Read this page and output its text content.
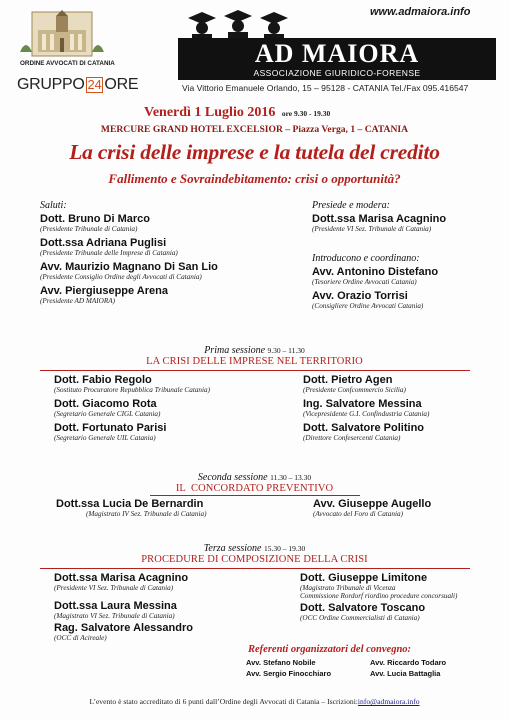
ORDINE AVVOCATI DI CATANIA
GRUPPO 24 ORE
www.admaiora.info
AD MAIORA
ASSOCIAZIONE GIURIDICO-FORENSE
Via Vittorio Emanuele Orlando, 15 – 95128 - CATANIA Tel./Fax 095.416547
Venerdì 1 Luglio 2016 ore 9.30 - 19.30
MERCURE GRAND HOTEL EXCELSIOR – Piazza Verga, 1 – CATANIA
La crisi delle imprese e la tutela del credito
Fallimento e Sovraindebitamento: crisi o opportunità?
Saluti:
Dott. Bruno Di Marco
(Presidente Tribunale di Catania)
Dott.ssa Adriana Puglisi
(Presidente Tribunale delle Imprese di Catania)
Avv. Maurizio Magnano Di San Lio
(Presidente Consiglio Ordine degli Avvocati di Catania)
Avv. Piergiuseppe Arena
(Presidente AD MAIORA)
Presiede e modera:
Dott.ssa Marisa Acagnino
(Presidente VI Sez. Tribunale di Catania)
Introducono e coordinano:
Avv. Antonino Distefano
(Tesoriere Ordine Avvocati Catania)
Avv. Orazio Torrisi
(Consigliere Ordine Avvocati Catania)
Prima sessione 9.30 – 11.30
LA CRISI DELLE IMPRESE NEL TERRITORIO
Dott. Fabio Regolo
(Sostituto Procuratore Repubblica Tribunale Catania)
Dott. Giacomo Rota
(Segretario Generale CIGL Catania)
Dott. Fortunato Parisi
(Segretario Generale UIL Catania)
Dott. Pietro Agen
(Presidente Confcommercio Sicilia)
Ing. Salvatore Messina
(Vicepresidente G.I. Confindustria Catania)
Dott. Salvatore Politino
(Direttore Confesercenti Catania)
Seconda sessione 11.30 – 13.30
IL  CONCORDATO PREVENTIVO
Dott.ssa Lucia De Bernardin
(Magistrato IV Sez. Tribunale di Catania)
Avv. Giuseppe Augello
(Avvocato del Foro di Catania)
Terza sessione 15.30 – 19.30
PROCEDURE DI COMPOSIZIONE DELLA CRISI
Dott.ssa Marisa Acagnino
(Presidente VI Sez. Tribunale di Catania)
Dott.ssa Laura Messina
(Magistrato VI Sez. Tribunale di Catania)
Rag. Salvatore Alessandro
(OCC di Acireale)
Dott. Giuseppe Limitone
(Magistrato Tribunale di Vicenza
Commissione Rordorf riordino procedure concorsuali)
Dott. Salvatore Toscano
(OCC Ordine Commercialisti di Catania)
Referenti organizzatori del convegno:
Avv. Stefano Nobile	Avv. Riccardo Todaro
Avv. Sergio Finocchiaro	Avv. Lucia Battaglia
L’evento è stato accreditato di 6 punti dall’Ordine degli Avvocati di Catania – Iscrizioni:info@admaiora.info
